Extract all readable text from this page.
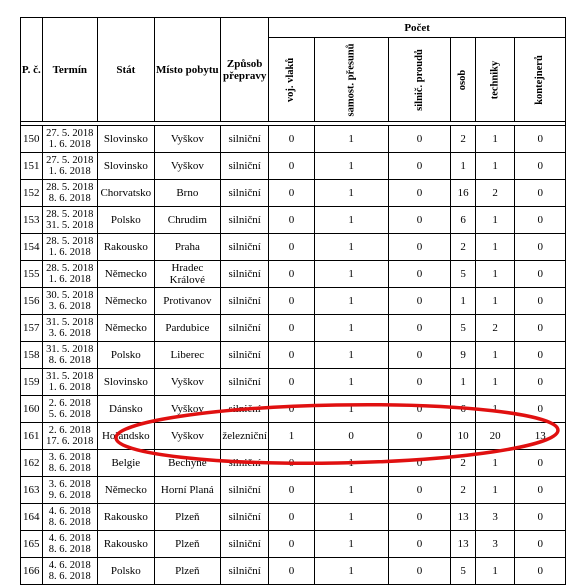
P. č.	Termín	Stát	Místo pobytu	Způsob přepravy	Počet					

					voj. vlaků	samost. přesunů	silnič. proudů	osob	techniky	kontejnerů

150	27. 5. 2018
1. 6. 2018	Slovinsko	Vyškov	silniční	0	1	0	2	1	0
151	27. 5. 2018
1. 6. 2018	Slovinsko	Vyškov	silniční	0	1	0	1	1	0
152	28. 5. 2018
8. 6. 2018	Chorvatsko	Brno	silniční	0	1	0	16	2	0
153	28. 5. 2018
31. 5. 2018	Polsko	Chrudim	silniční	0	1	0	6	1	0
154	28. 5. 2018
1. 6. 2018	Rakousko	Praha	silniční	0	1	0	2	1	0
155	28. 5. 2018
1. 6. 2018	Německo	Hradec Králové	silniční	0	1	0	5	1	0
156	30. 5. 2018
3. 6. 2018	Německo	Protivanov	silniční	0	1	0	1	1	0
157	31. 5. 2018
3. 6. 2018	Německo	Pardubice	silniční	0	1	0	5	2	0
158	31. 5. 2018
8. 6. 2018	Polsko	Liberec	silniční	0	1	0	9	1	0
159	31. 5. 2018
1. 6. 2018	Slovinsko	Vyškov	silniční	0	1	0	1	1	0
160	2. 6. 2018
5. 6. 2018	Dánsko	Vyškov	silniční	0	1	0	6	1	0
161	2. 6. 2018
17. 6. 2018	Holandsko	Vyškov	železniční	1	0	0	10	20	13
162	3. 6. 2018
8. 6. 2018	Belgie	Bechyně	silniční	0	1	0	2	1	0
163	3. 6. 2018
9. 6. 2018	Německo	Horní Planá	silniční	0	1	0	2	1	0
164	4. 6. 2018
8. 6. 2018	Rakousko	Plzeň	silniční	0	1	0	13	3	0
165	4. 6. 2018
8. 6. 2018	Rakousko	Plzeň	silniční	0	1	0	13	3	0
166	4. 6. 2018
8. 6. 2018	Polsko	Plzeň	silniční	0	1	0	5	1	0
